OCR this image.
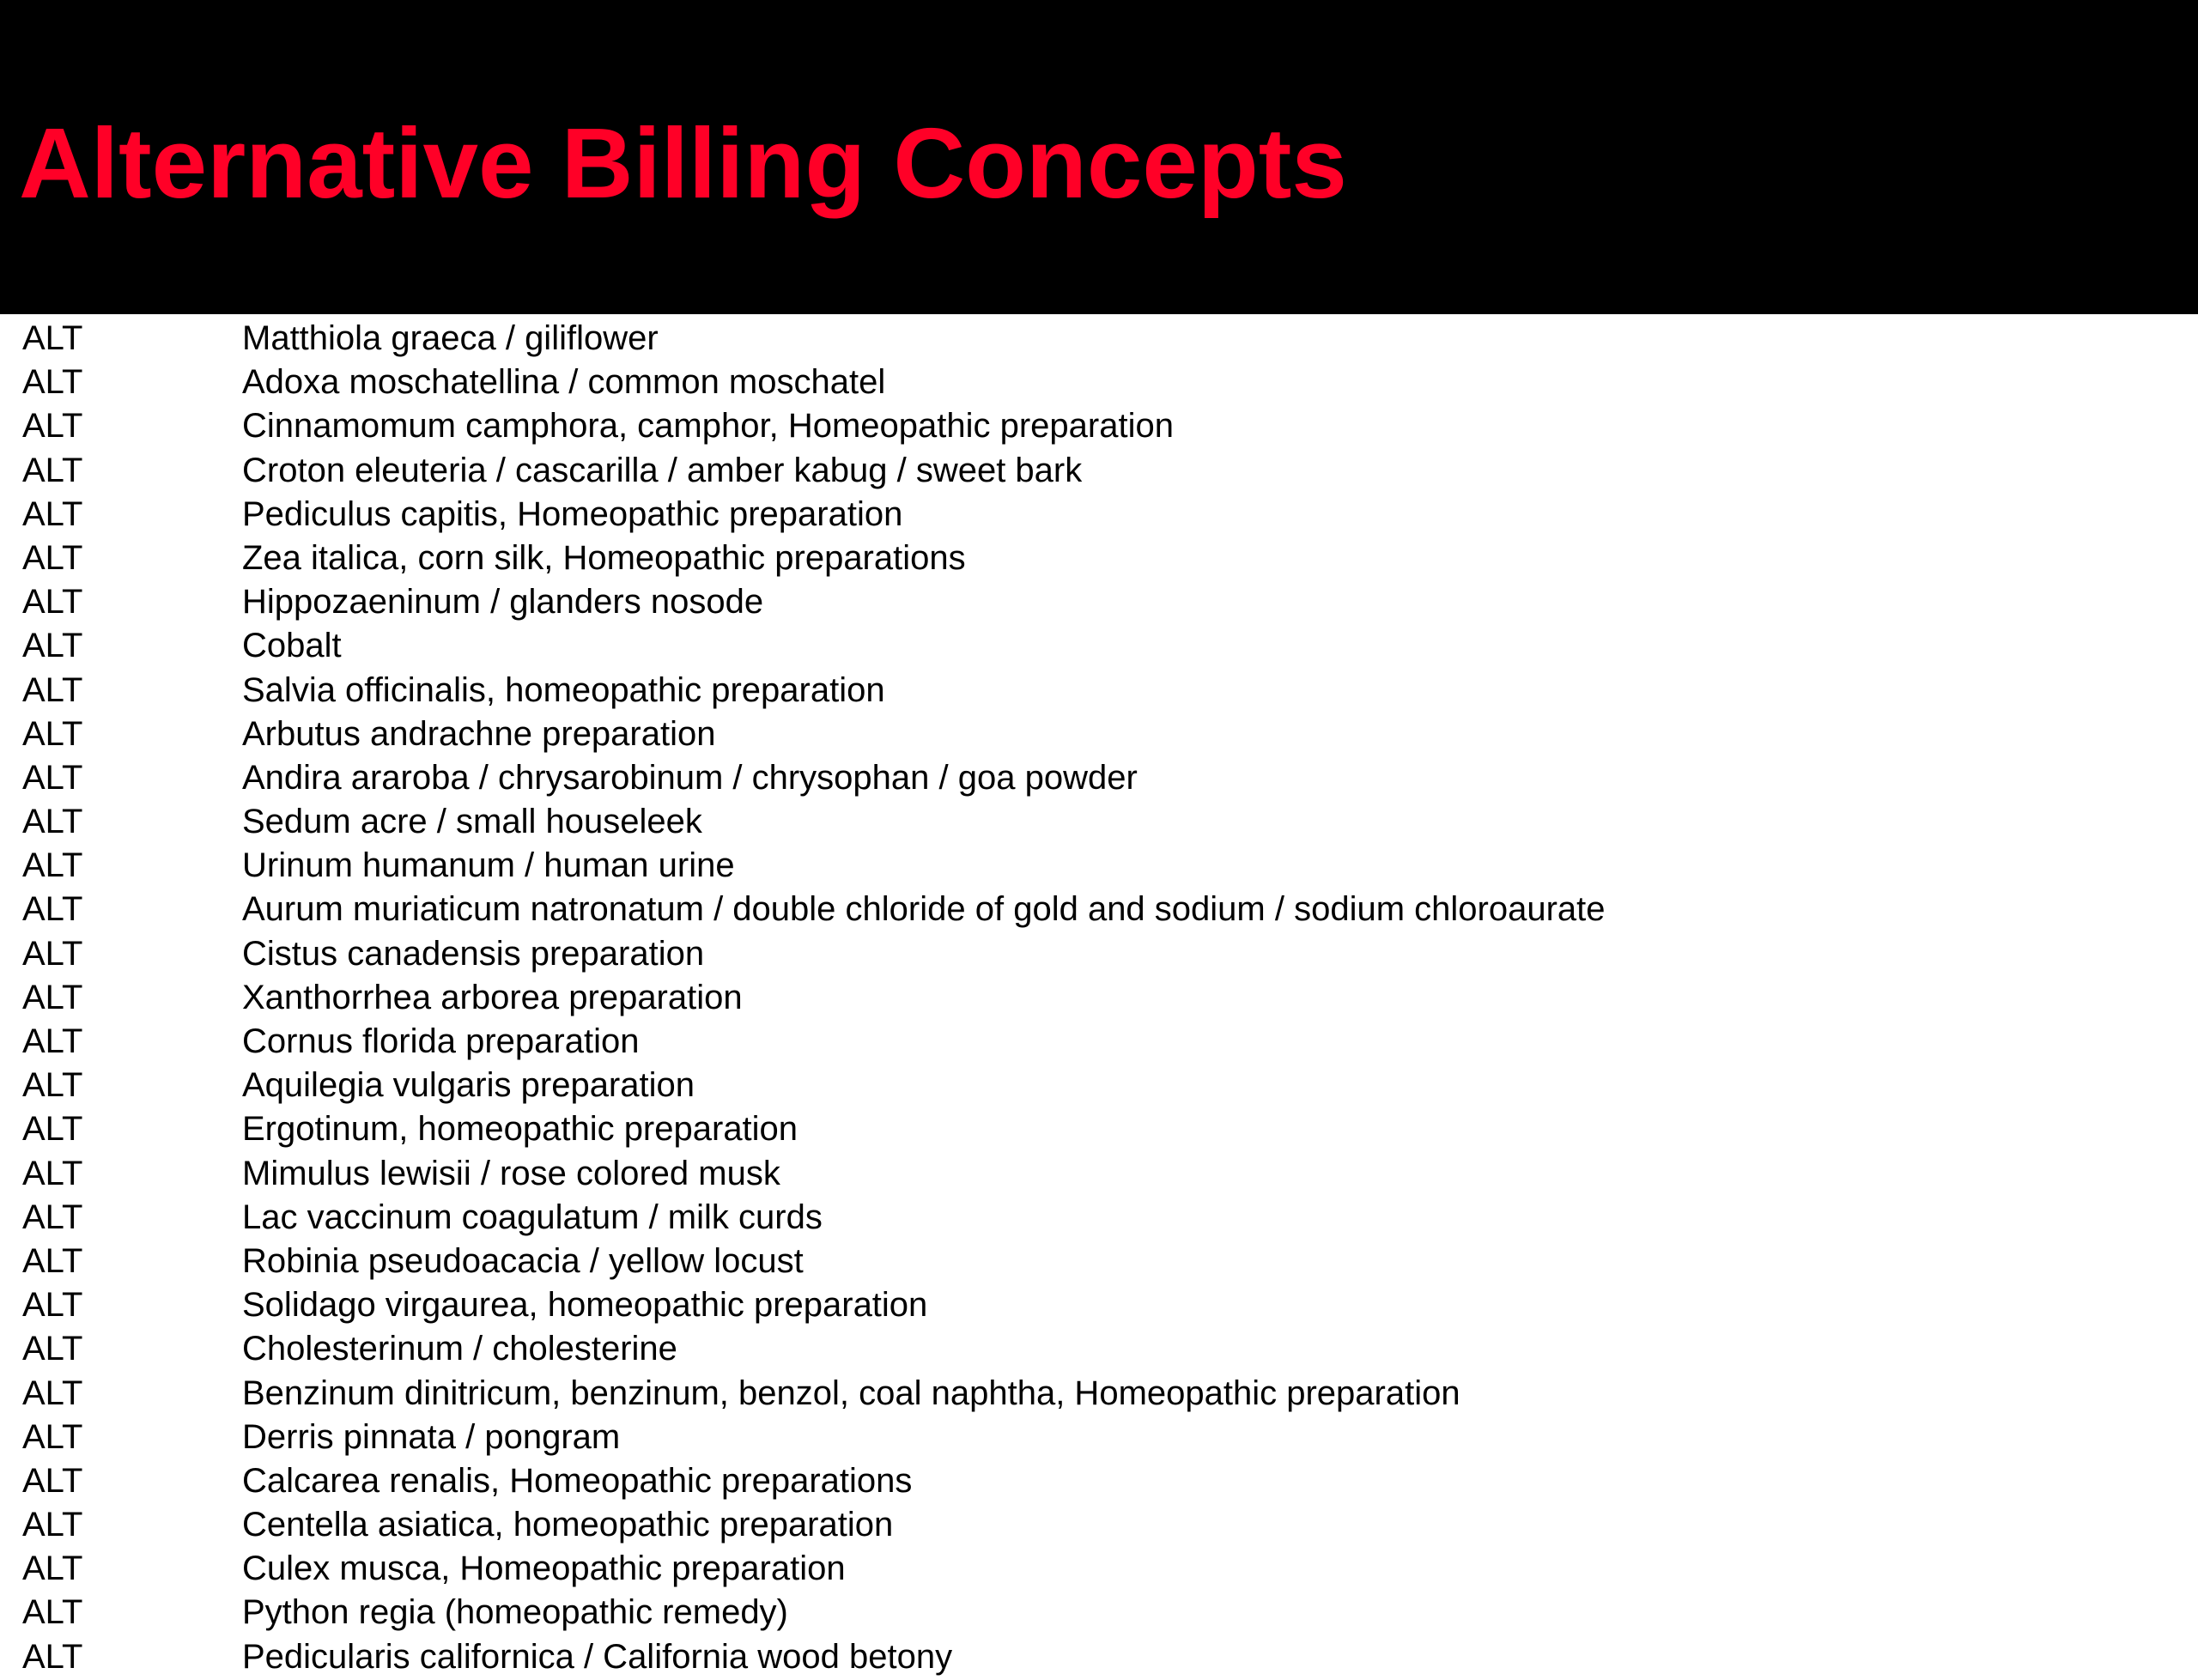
Alternative Billing Concepts
ALT	Matthiola graeca / giliflower
ALT	Adoxa moschatellina / common moschatel
ALT	Cinnamomum camphora, camphor, Homeopathic preparation
ALT	Croton eleuteria / cascarilla / amber kabug / sweet bark
ALT	Pediculus capitis, Homeopathic preparation
ALT	Zea italica, corn silk, Homeopathic preparations
ALT	Hippozaeninum / glanders nosode
ALT	Cobalt
ALT	Salvia officinalis, homeopathic preparation
ALT	Arbutus andrachne preparation
ALT	Andira araroba / chrysarobinum / chrysophan / goa powder
ALT	Sedum acre / small houseleek
ALT	Urinum humanum / human urine
ALT	Aurum muriaticum natronatum / double chloride of gold and sodium / sodium chloroaurate
ALT	Cistus canadensis preparation
ALT	Xanthorrhea arborea preparation
ALT	Cornus florida preparation
ALT	Aquilegia vulgaris preparation
ALT	Ergotinum, homeopathic preparation
ALT	Mimulus lewisii / rose colored musk
ALT	Lac vaccinum coagulatum / milk curds
ALT	Robinia pseudoacacia / yellow locust
ALT	Solidago virgaurea, homeopathic preparation
ALT	Cholesterinum / cholesterine
ALT	Benzinum dinitricum, benzinum, benzol, coal naphtha, Homeopathic preparation
ALT	Derris pinnata / pongram
ALT	Calcarea renalis, Homeopathic preparations
ALT	Centella asiatica, homeopathic preparation
ALT	Culex musca, Homeopathic preparation
ALT	Python regia (homeopathic remedy)
ALT	Pedicularis californica / California wood betony
